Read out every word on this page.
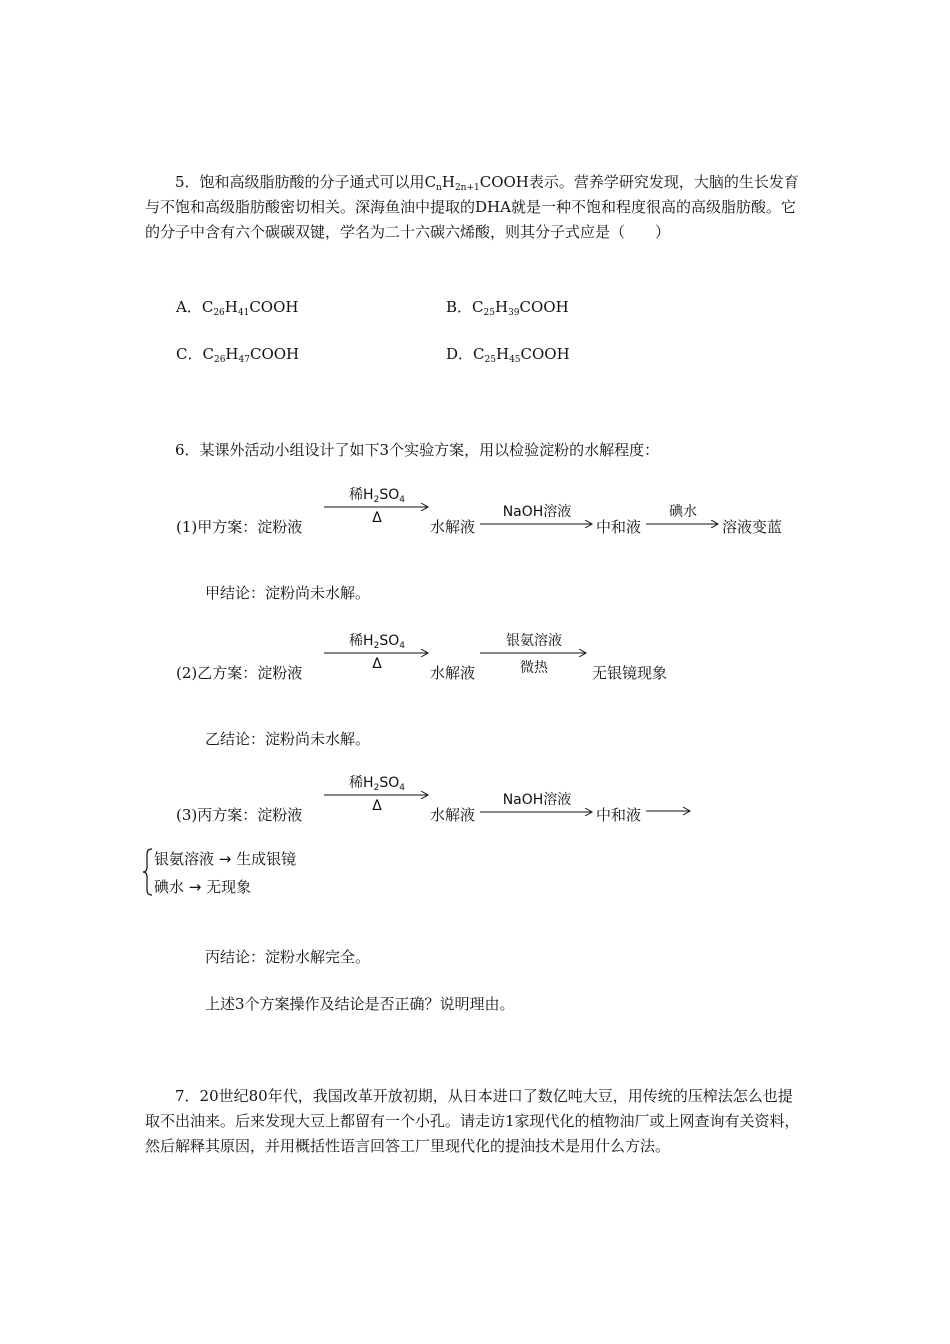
5．饱和高级脂肪酸的分子通式可以用$C_nH_{2n+1}COOH$表示。营养学研究发现，大脑的生长发育与不饱和高级脂肪酸密切相关。深海鱼油中提取的DHA就是一种不饱和程度很高的高级脂肪酸。它的分子中含有六个碳碳双键，学名为二十六碳六烯酸，则其分子式应是（　　）
A．$C_{26}H_{41}COOH$	B．$C_{25}H_{39}COOH$
C．$C_{26}H_{47}COOH$	D．$C_{25}H_{45}COOH$
6．某课外活动小组设计了如下3个实验方案，用以检验淀粉的水解程度：
(1)甲方案：淀粉液
稀$H_2SO_4$
Δ	水解液
NaOH溶液
中和液
碘水
溶液变蓝
甲结论：淀粉尚未水解。
(2)乙方案：淀粉液
稀$H_2SO_4$
Δ	水解液
银氨溶液
微热	无银镜现象
乙结论：淀粉尚未水解。
(3)丙方案：淀粉液
稀$H_2SO_4$
Δ	水解液
NaOH溶液
中和液
银氨溶液 → 生成银镜
碘水 → 无现象
丙结论：淀粉水解完全。
上述3个方案操作及结论是否正确？说明理由。
7．20世纪80年代，我国改革开放初期，从日本进口了数亿吨大豆，用传统的压榨法怎么也提取不出油来。后来发现大豆上都留有一个小孔。请走访1家现代化的植物油厂或上网查询有关资料，然后解释其原因，并用概括性语言回答工厂里现代化的提油技术是用什么方法。
